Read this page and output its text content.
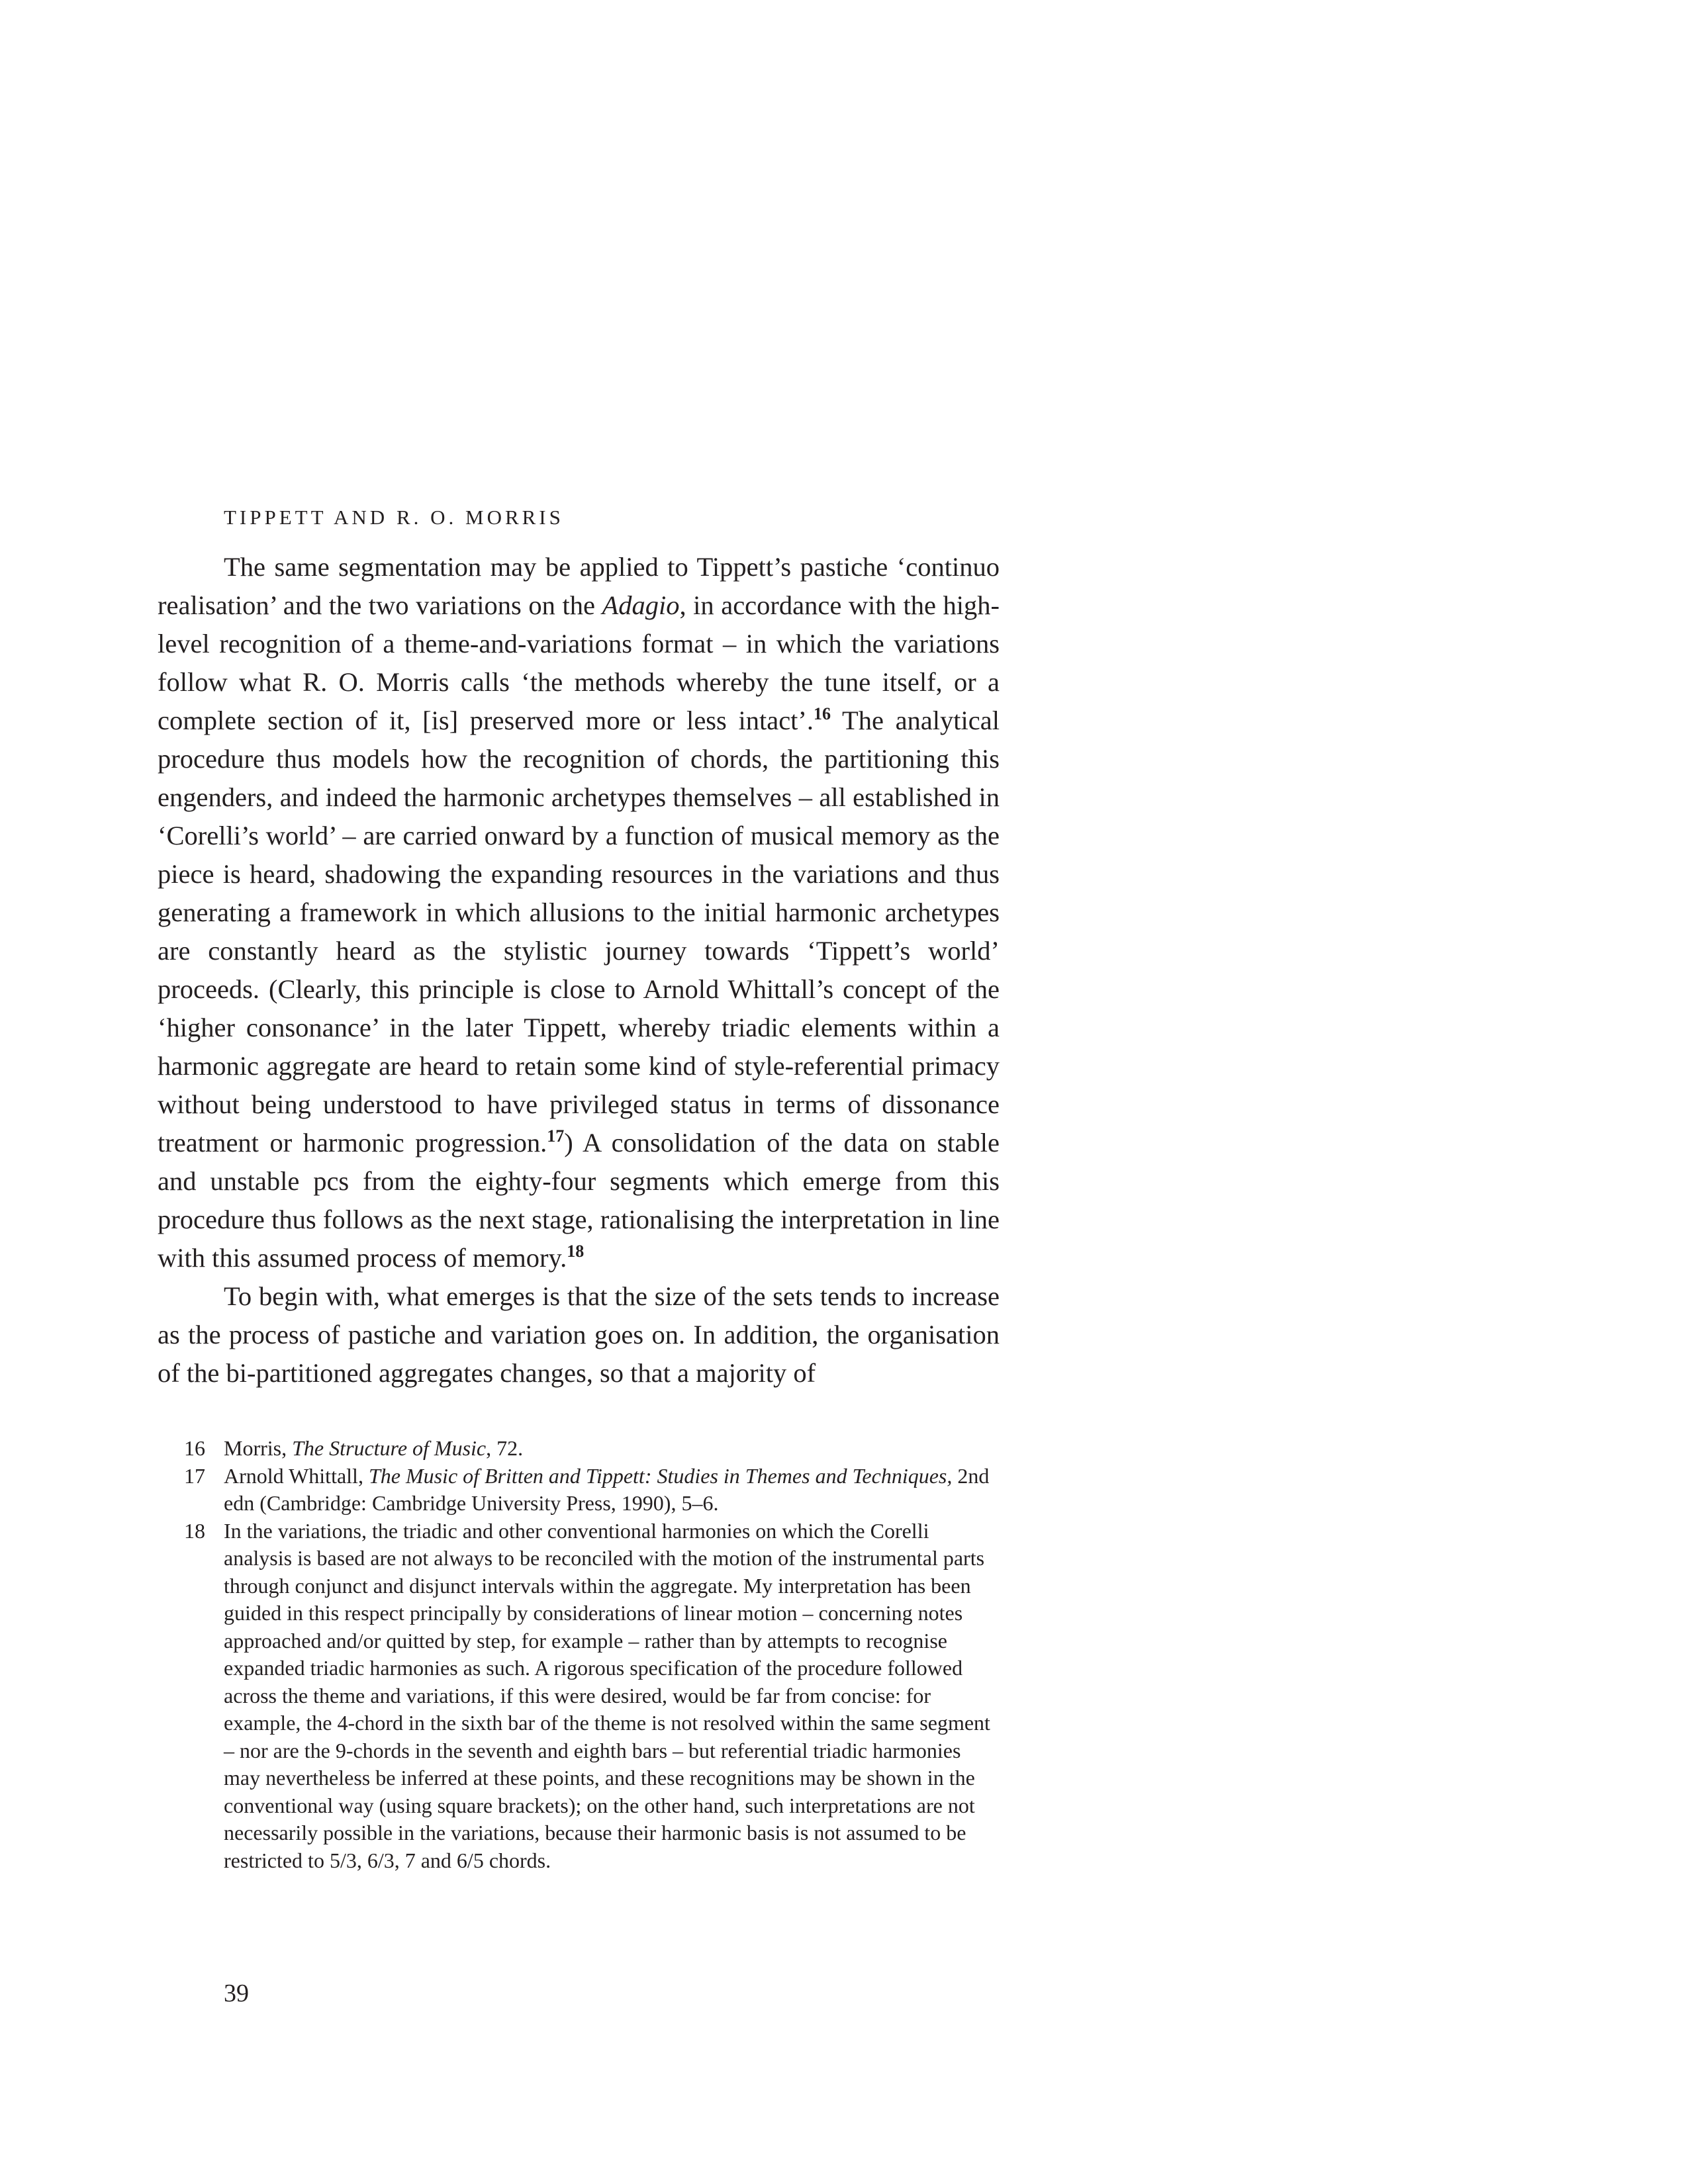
TIPPETT AND R. O. MORRIS

The same segmentation may be applied to Tippett’s pastiche ‘continuo realisation’ and the two variations on the Adagio, in accordance with the high-level recognition of a theme-and-variations format – in which the variations follow what R. O. Morris calls ‘the methods whereby the tune itself, or a complete section of it, [is] preserved more or less intact’.$^{16}$ The analytical procedure thus models how the recognition of chords, the partitioning this engenders, and indeed the harmonic archetypes themselves – all established in ‘Corelli’s world’ – are carried onward by a function of musical memory as the piece is heard, shadowing the expanding resources in the variations and thus generating a framework in which allusions to the initial harmonic archetypes are constantly heard as the stylistic journey towards ‘Tippett’s world’ proceeds. (Clearly, this principle is close to Arnold Whittall’s concept of the ‘higher consonance’ in the later Tippett, whereby triadic elements within a harmonic aggregate are heard to retain some kind of style-referential primacy without being understood to have privileged status in terms of dissonance treatment or harmonic progression.$^{17}$) A consolidation of the data on stable and unstable pcs from the eighty-four segments which emerge from this procedure thus follows as the next stage, rationalising the interpretation in line with this assumed process of memory.$^{18}$

To begin with, what emerges is that the size of the sets tends to increase as the process of pastiche and variation goes on. In addition, the organisation of the bi-partitioned aggregates changes, so that a majority of

16 Morris, The Structure of Music, 72.
17 Arnold Whittall, The Music of Britten and Tippett: Studies in Themes and Techniques, 2nd edn (Cambridge: Cambridge University Press, 1990), 5–6.
18 In the variations, the triadic and other conventional harmonies on which the Corelli analysis is based are not always to be reconciled with the motion of the instrumental parts through conjunct and disjunct intervals within the aggregate. My interpretation has been guided in this respect principally by considerations of linear motion – concerning notes approached and/or quitted by step, for example – rather than by attempts to recognise expanded triadic harmonies as such. A rigorous specification of the procedure followed across the theme and variations, if this were desired, would be far from concise: for example, the 4-chord in the sixth bar of the theme is not resolved within the same segment – nor are the 9-chords in the seventh and eighth bars – but referential triadic harmonies may nevertheless be inferred at these points, and these recognitions may be shown in the conventional way (using square brackets); on the other hand, such interpretations are not necessarily possible in the variations, because their harmonic basis is not assumed to be restricted to 5/3, 6/3, 7 and 6/5 chords.
39
